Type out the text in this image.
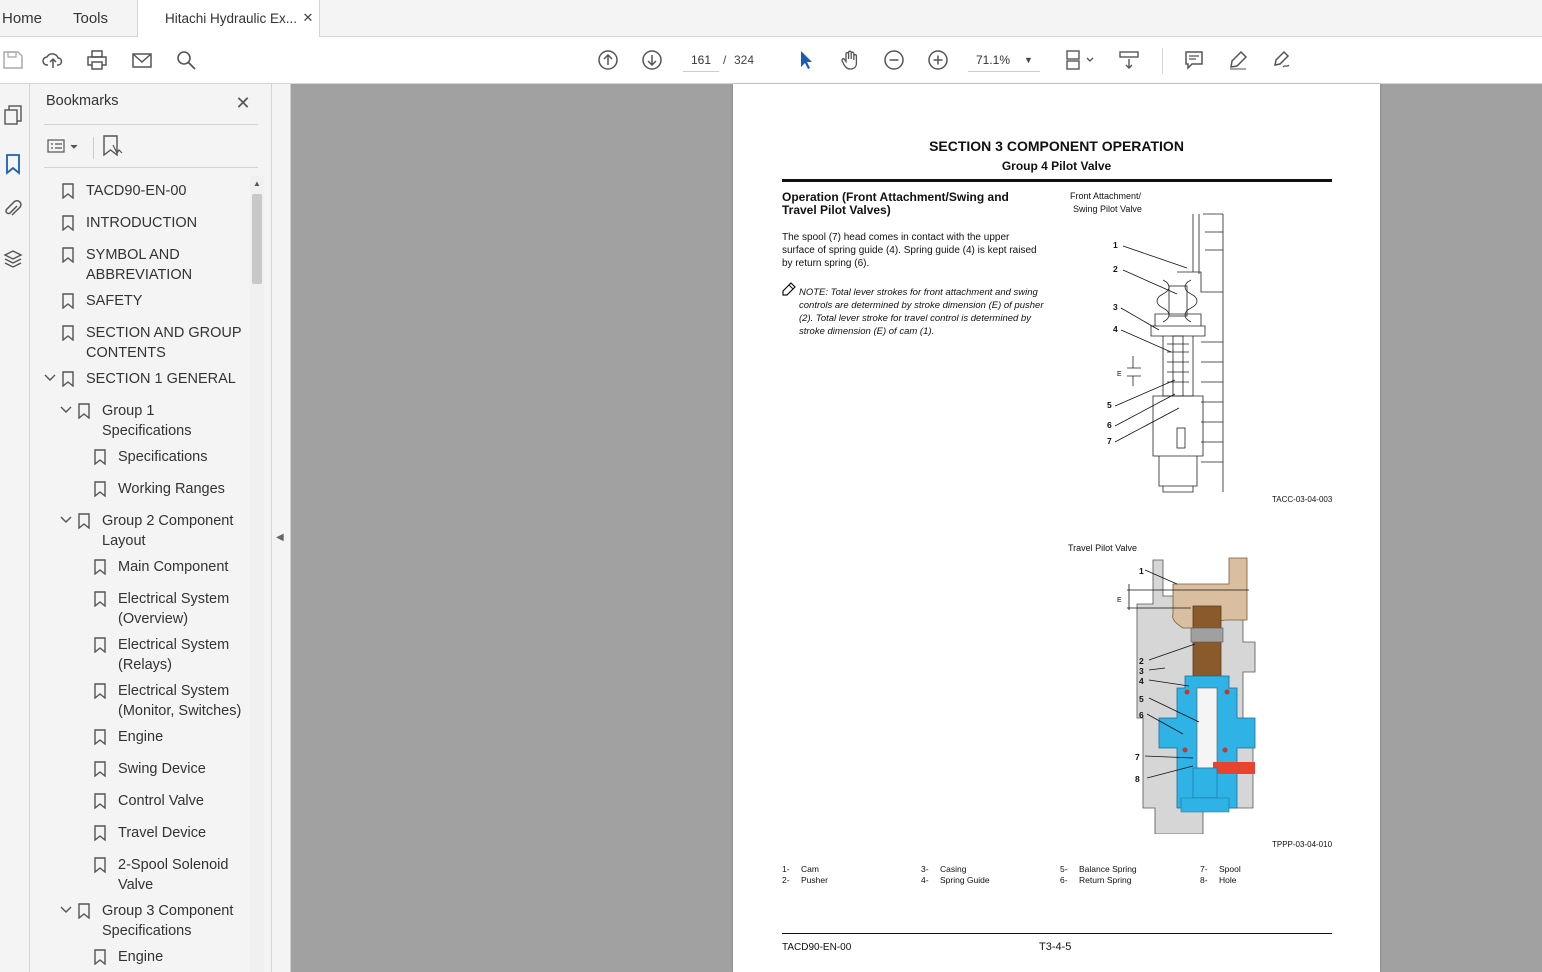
Home	Tools	Hitachi Hydraulic Ex... ✕
161
/ 324	71.1% ▼
Bookmarks	✕
TACD90-EN-00
INTRODUCTION
SYMBOL AND
ABBREVIATION
SAFETY
SECTION AND GROUP
CONTENTS
SECTION 1 GENERAL
Group 1
Specifications
Specifications
Working Ranges
Group 2 Component
Layout
Main Component
Electrical System
(Overview)
Electrical System
(Relays)
Electrical System
(Monitor, Switches)
Engine
Swing Device
Control Valve
Travel Device
2-Spool Solenoid
Valve
Group 3 Component
Specifications
Engine
▲
◀
SECTION 3 COMPONENT OPERATION
Group 4 Pilot Valve
Operation (Front Attachment/Swing and Travel Pilot Valves)
The spool (7) head comes in contact with the upper surface of spring guide (4). Spring guide (4) is kept raised by return spring (6).
NOTE: Total lever strokes for front attachment and swing controls are determined by stroke dimension (E) of pusher (2). Total lever stroke for travel control is determined by stroke dimension (E) of cam (1).
Front Attachment/
Swing Pilot Valve
1
2
3
4
E
5
6
7
TACC-03-04-003
Travel Pilot Valve
1
E
2
3
4
5
6
7
8
TPPP-03-04-010
1- Cam
2- Pusher
3- Casing
4- Spring Guide
5- Balance Spring
6- Return Spring
7- Spool
8- Hole
TACD90-EN-00	T3-4-5
